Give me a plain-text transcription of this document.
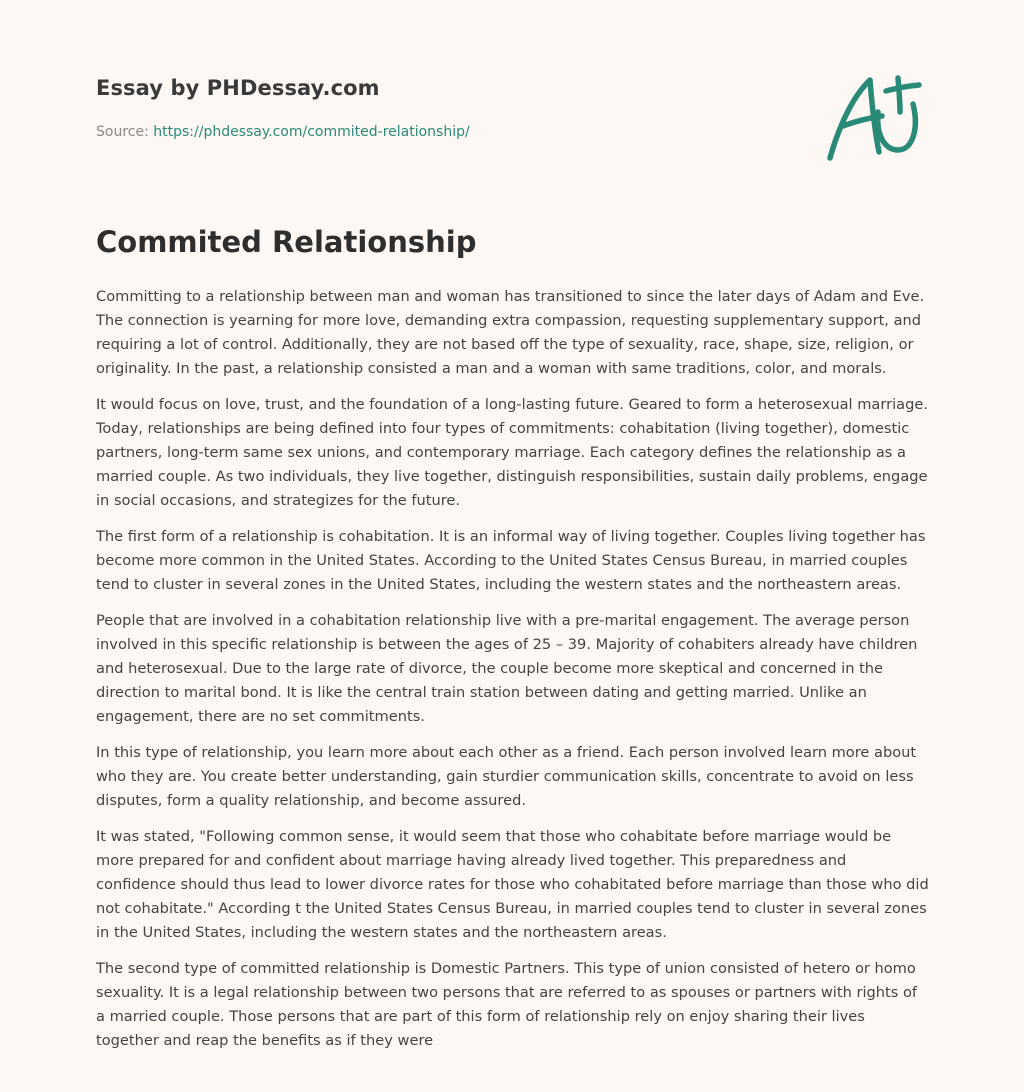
Essay by PHDessay.com
Source: https://phdessay.com/commited-relationship/
Commited Relationship

Committing to a relationship between man and woman has transitioned to since the later days of Adam and Eve. The connection is yearning for more love, demanding extra compassion, requesting supplementary support, and requiring a lot of control. Additionally, they are not based off the type of sexuality, race, shape, size, religion, or originality. In the past, a relationship consisted a man and a woman with same traditions, color, and morals.

It would focus on love, trust, and the foundation of a long-lasting future. Geared to form a heterosexual marriage. Today, relationships are being defined into four types of commitments: cohabitation (living together), domestic partners, long-term same sex unions, and contemporary marriage. Each category defines the relationship as a married couple. As two individuals, they live together, distinguish responsibilities, sustain daily problems, engage in social occasions, and strategizes for the future.

The first form of a relationship is cohabitation. It is an informal way of living together. Couples living together has become more common in the United States. According to the United States Census Bureau, in married couples tend to cluster in several zones in the United States, including the western states and the northeastern areas.

People that are involved in a cohabitation relationship live with a pre-marital engagement. The average person involved in this specific relationship is between the ages of 25 – 39. Majority of cohabiters already have children and heterosexual. Due to the large rate of divorce, the couple become more skeptical and concerned in the direction to marital bond. It is like the central train station between dating and getting married. Unlike an engagement, there are no set commitments.

In this type of relationship, you learn more about each other as a friend. Each person involved learn more about who they are. You create better understanding, gain sturdier communication skills, concentrate to avoid on less disputes, form a quality relationship, and become assured.

It was stated, "Following common sense, it would seem that those who cohabitate before marriage would be more prepared for and confident about marriage having already lived together. This preparedness and confidence should thus lead to lower divorce rates for those who cohabitated before marriage than those who did not cohabitate." According t the United States Census Bureau, in married couples tend to cluster in several zones in the United States, including the western states and the northeastern areas.

The second type of committed relationship is Domestic Partners. This type of union consisted of hetero or homo sexuality. It is a legal relationship between two persons that are referred to as spouses or partners with rights of a married couple. Those persons that are part of this form of relationship rely on enjoy sharing their lives together and reap the benefits as if they were
